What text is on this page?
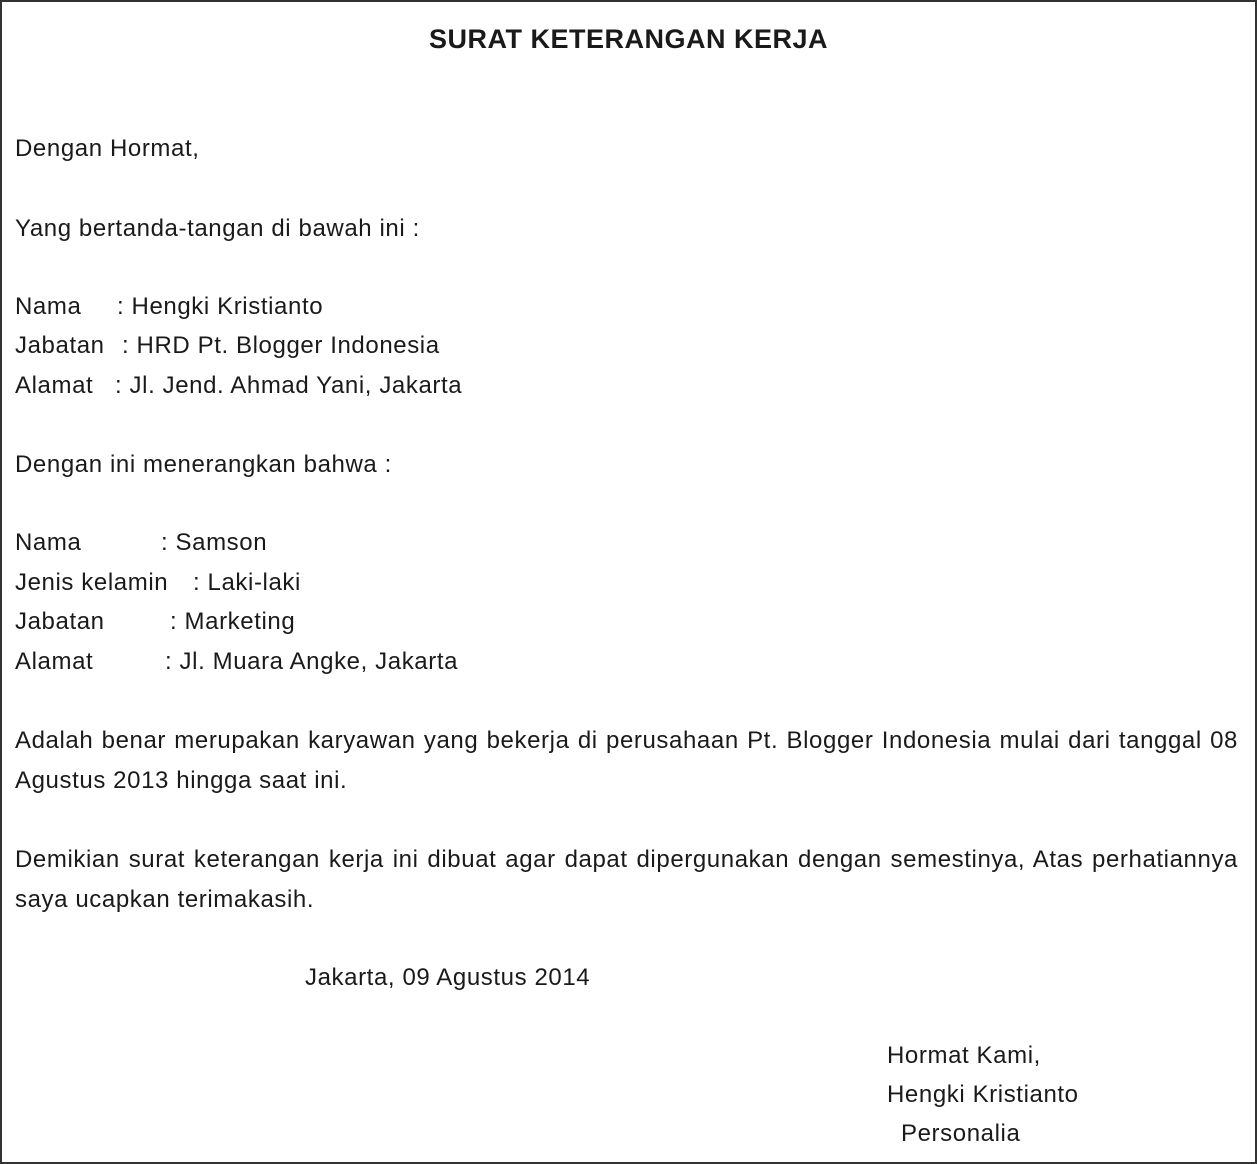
SURAT KETERANGAN KERJA
Dengan Hormat,
Yang bertanda-tangan di bawah ini :
Nama : Hengki Kristianto
Jabatan : HRD Pt. Blogger Indonesia
Alamat : Jl. Jend. Ahmad Yani, Jakarta
Dengan ini menerangkan bahwa :
Nama	: Samson
Jenis kelamin : Laki-laki
Jabatan	: Marketing
Alamat	: Jl. Muara Angke, Jakarta
Adalah benar merupakan karyawan yang bekerja di perusahaan Pt. Blogger Indonesia mulai dari tanggal 08 Agustus 2013 hingga saat ini.
Demikian surat keterangan kerja ini dibuat agar dapat dipergunakan dengan semestinya, Atas perhatiannya saya ucapkan terimakasih.
Jakarta, 09 Agustus 2014
Hormat Kami,
Hengki Kristianto
Personalia
